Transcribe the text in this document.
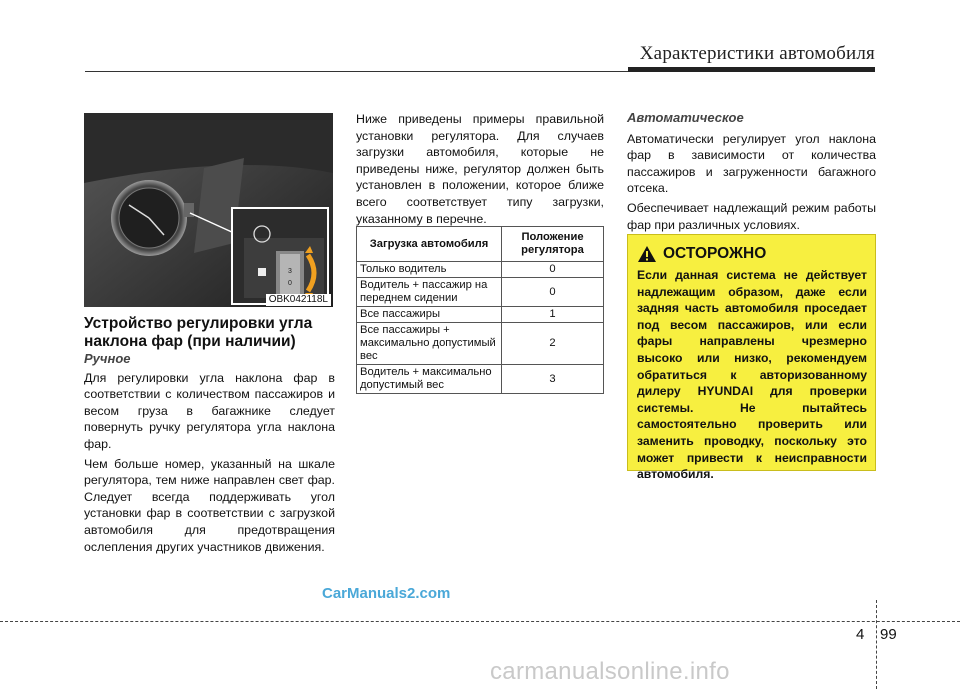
Характеристики автомобиля
3
0
OBK042118L
Устройство регулировки угла наклона фар (при наличии)

Ручное

Для регулировки угла наклона фар в соответствии с количеством пассажиров и весом груза в багажнике следует повернуть ручку регулятора угла наклона фар.

Чем больше номер, указанный на шкале регулятора, тем ниже направлен свет фар. Следует всегда поддерживать угол установки фар в соответствии с загрузкой автомобиля для предотвращения ослепления других участников движения.

Ниже приведены примеры правильной установки регулятора. Для случаев загрузки автомобиля, которые не приведены ниже, регулятор должен быть установлен в положении, которое ближе всего соответствует типу загрузки, указанному в перечне.

Загрузка автомобиля	Положение регулятора
Только водитель	0
Водитель + пассажир на переднем сидении	0
Все пассажиры	1
Все пассажиры + максимально допустимый вес	2
Водитель + максимально допустимый вес	3

Автоматическое

Автоматически регулирует угол наклона фар в зависимости от количества пассажиров и загруженности багажного отсека.

Обеспечивает надлежащий режим работы фар при различных условиях.

ОСТОРОЖНО
Если данная система не действует надлежащим образом, даже если задняя часть автомобиля проседает под весом пассажиров, или если фары направлены чрезмерно высоко или низко, рекомендуем обратиться к авторизованному дилеру HYUNDAI для проверки системы. Не пытайтесь самостоятельно проверить или заменить проводку, поскольку это может привести к неисправности автомобиля.
CarManuals2.com
4 99
carmanualsonline.info
